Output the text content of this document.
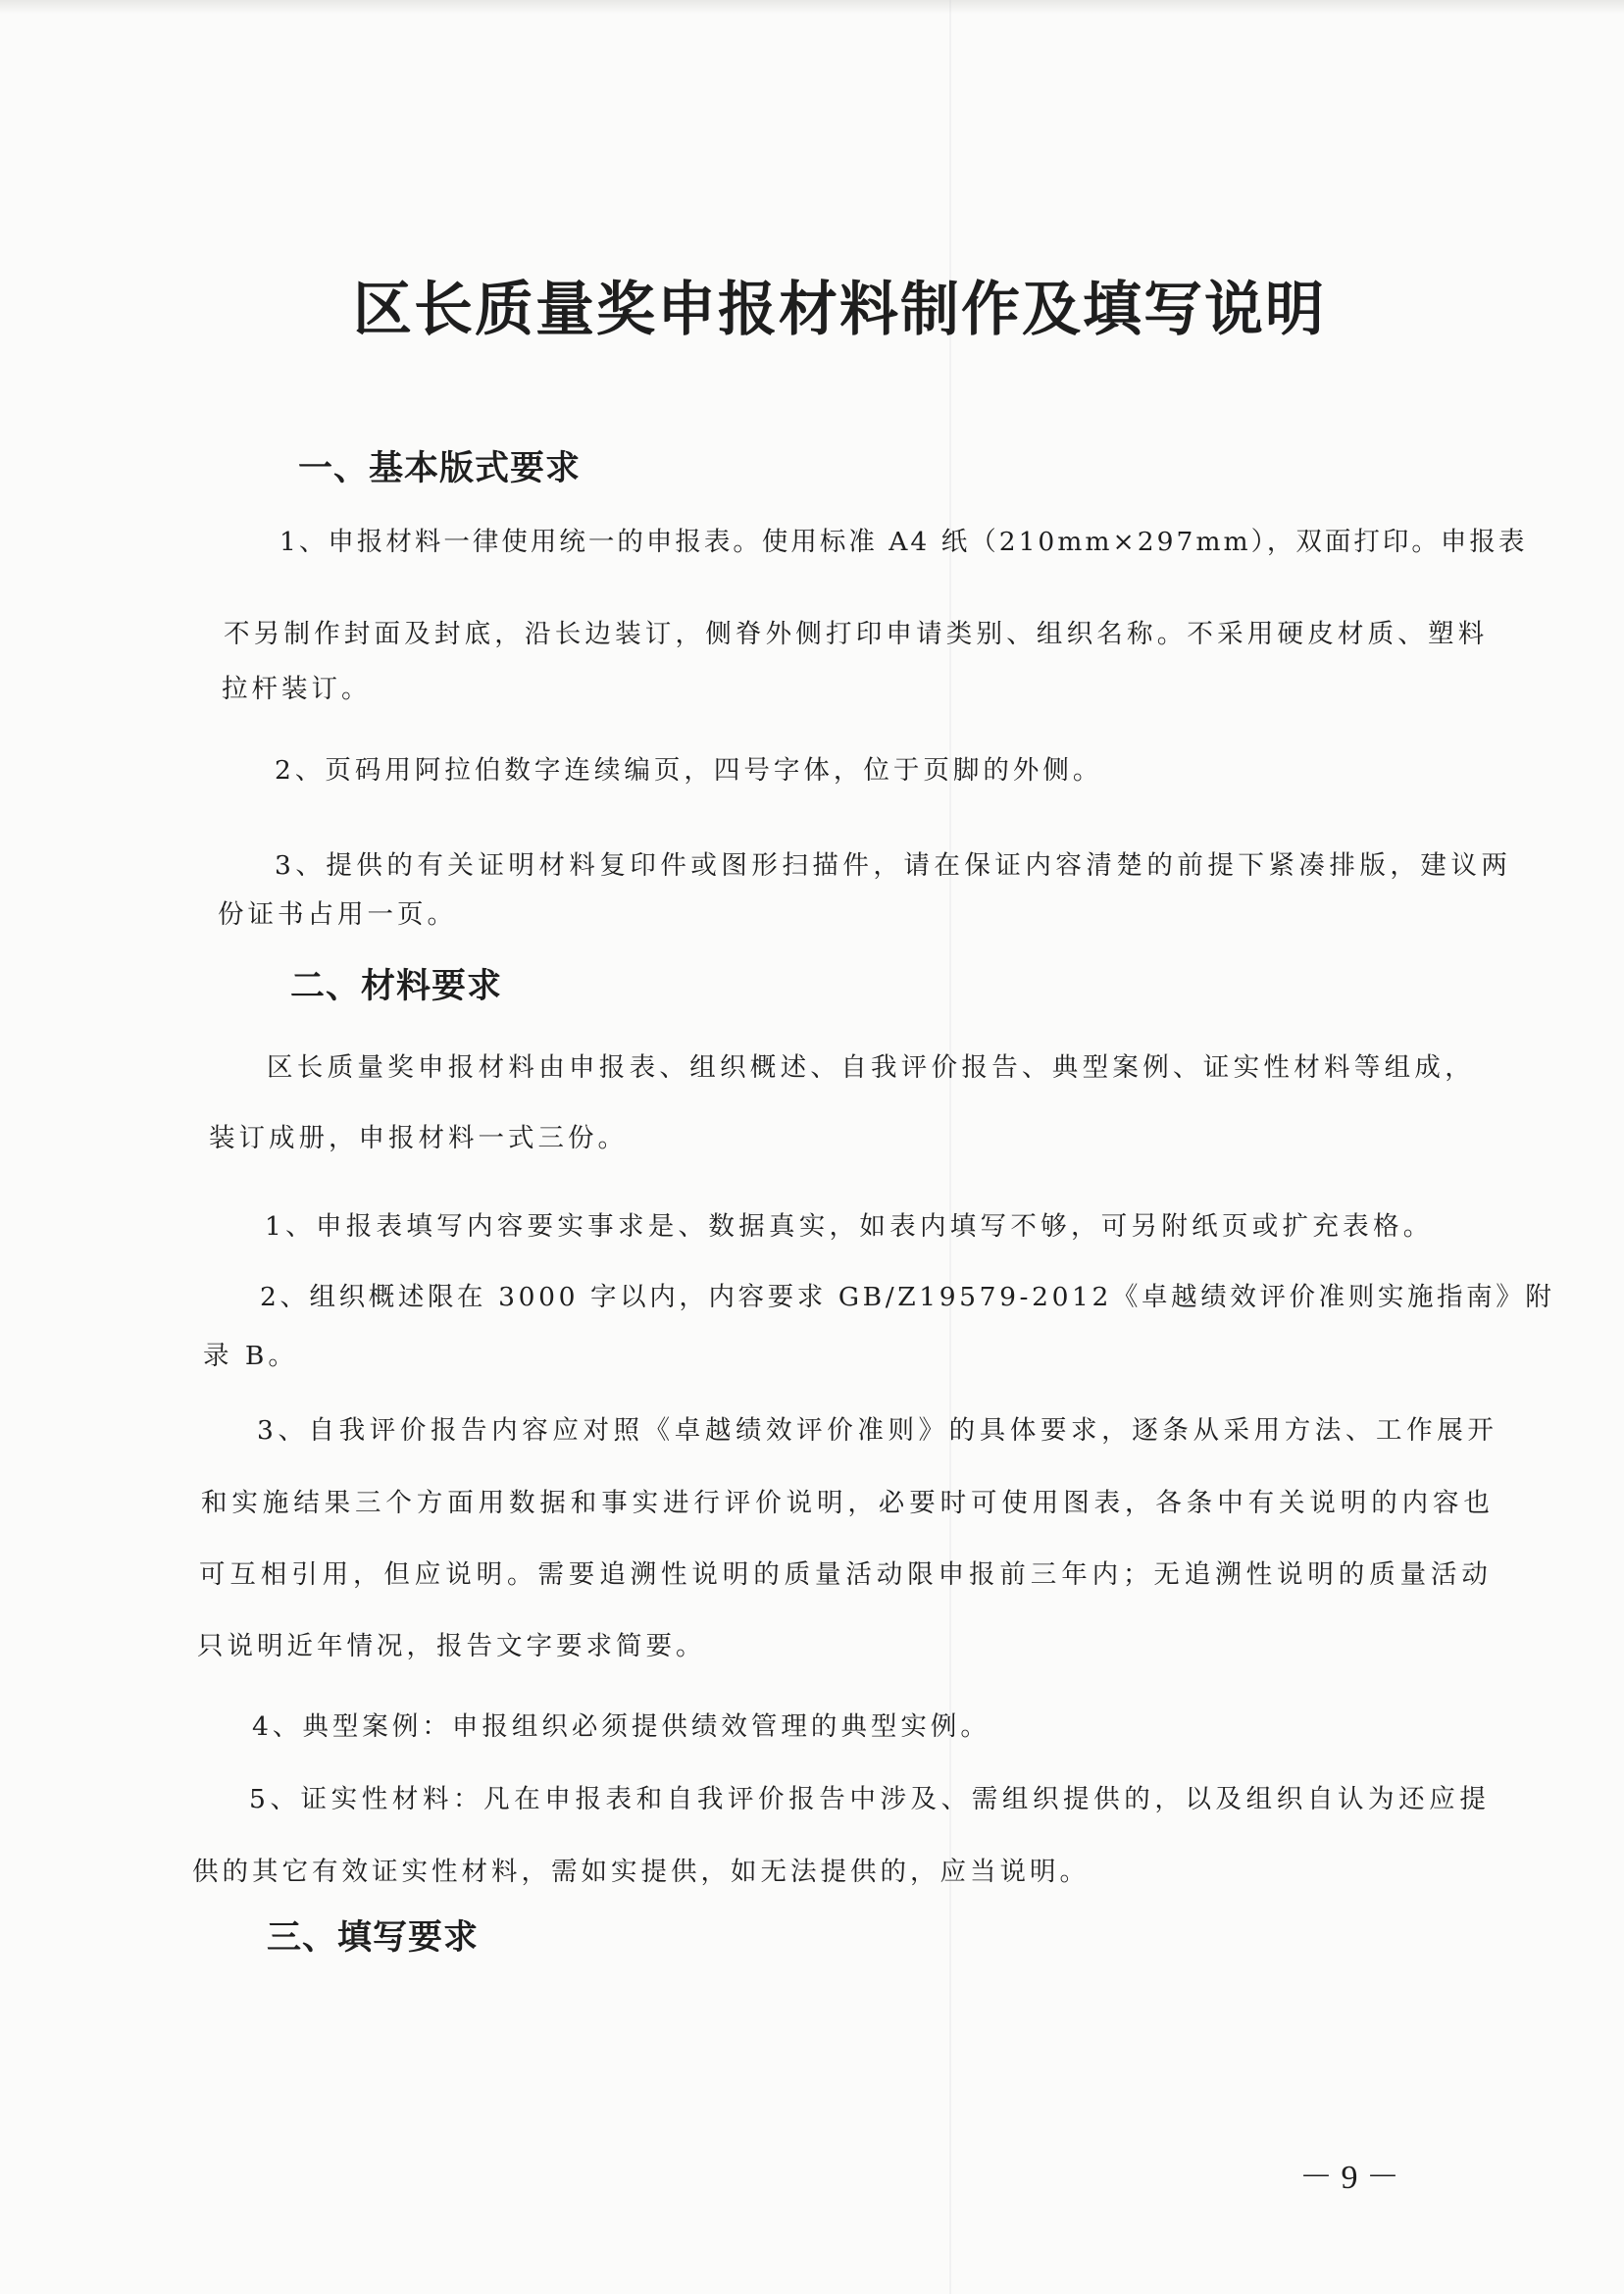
区长质量奖申报材料制作及填写说明
一、基本版式要求
1、申报材料一律使用统一的申报表。使用标准 A4 纸（210mm×297mm），双面打印。申报表
不另制作封面及封底，沿长边装订，侧脊外侧打印申请类别、组织名称。不采用硬皮材质、塑料
拉杆装订。
2、页码用阿拉伯数字连续编页，四号字体，位于页脚的外侧。
3、提供的有关证明材料复印件或图形扫描件，请在保证内容清楚的前提下紧凑排版，建议两
份证书占用一页。
二、材料要求
区长质量奖申报材料由申报表、组织概述、自我评价报告、典型案例、证实性材料等组成，
装订成册，申报材料一式三份。
1、申报表填写内容要实事求是、数据真实，如表内填写不够，可另附纸页或扩充表格。
2、组织概述限在 3000 字以内，内容要求 GB/Z19579-2012《卓越绩效评价准则实施指南》附
录 B。
3、自我评价报告内容应对照《卓越绩效评价准则》的具体要求，逐条从采用方法、工作展开
和实施结果三个方面用数据和事实进行评价说明，必要时可使用图表，各条中有关说明的内容也
可互相引用，但应说明。需要追溯性说明的质量活动限申报前三年内；无追溯性说明的质量活动
只说明近年情况，报告文字要求简要。
4、典型案例：申报组织必须提供绩效管理的典型实例。
5、证实性材料：凡在申报表和自我评价报告中涉及、需组织提供的，以及组织自认为还应提
供的其它有效证实性材料，需如实提供，如无法提供的，应当说明。
三、填写要求
－ 9 －
